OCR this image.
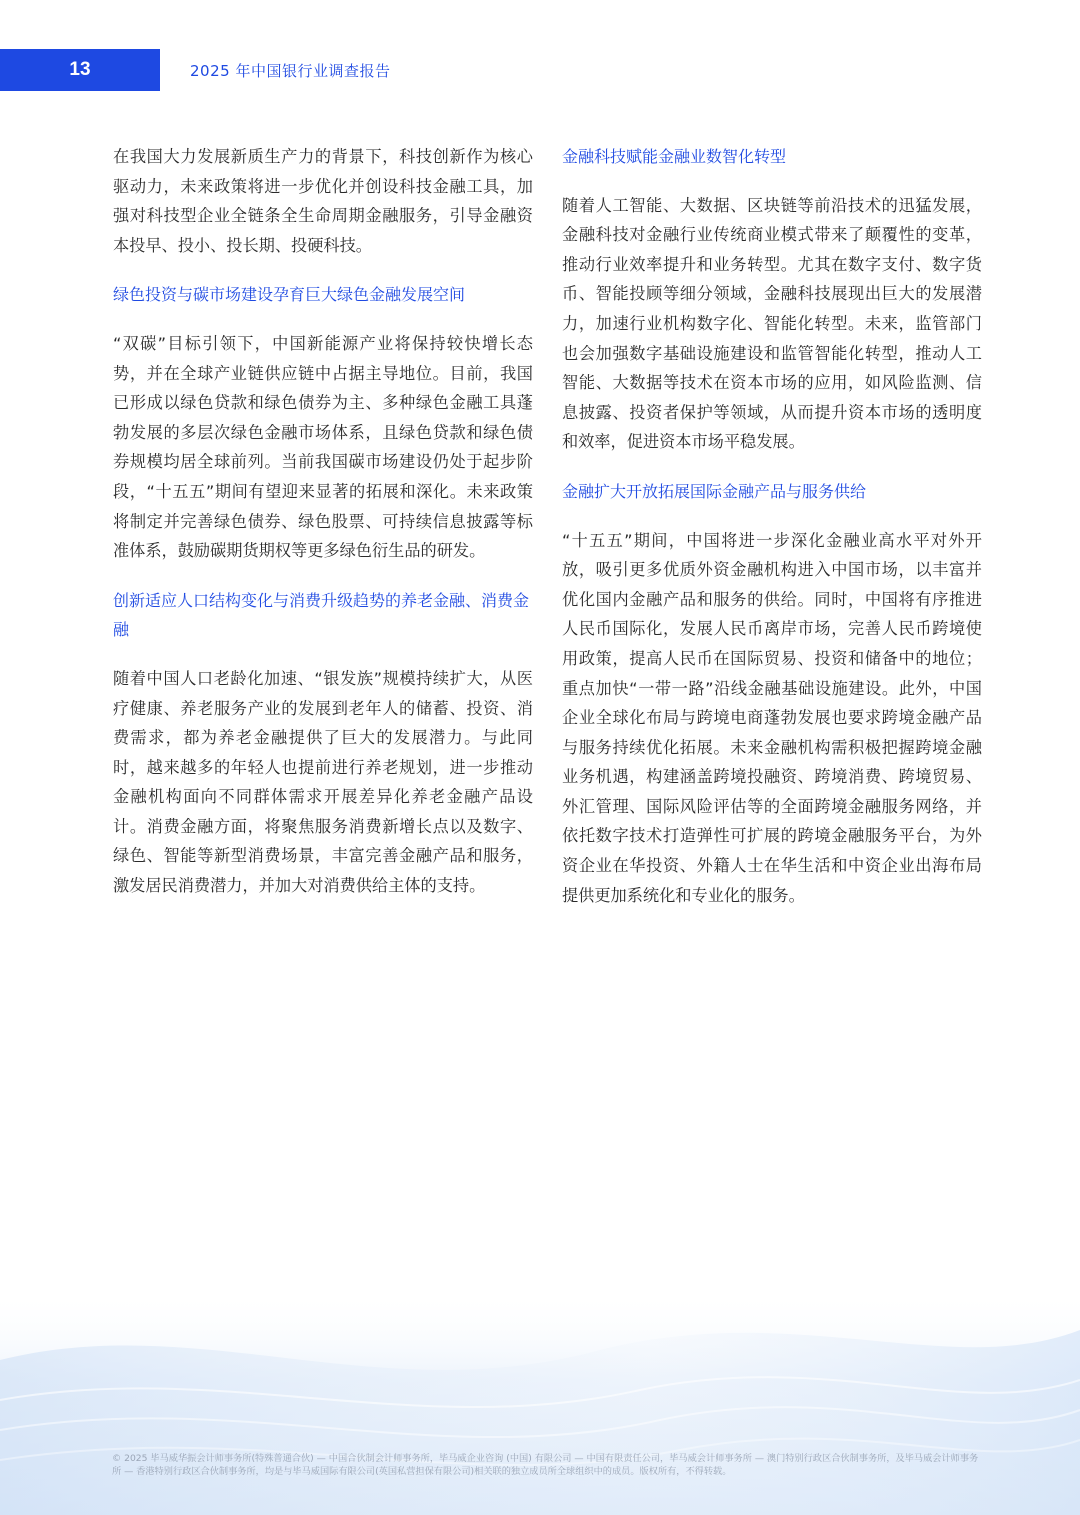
13	2025 年中国银行业调查报告

在我国大力发展新质生产力的背景下，科技创新作为核心驱动力，未来政策将进一步优化并创设科技金融工具，加强对科技型企业全链条全生命周期金融服务，引导金融资本投早、投小、投长期、投硬科技。

绿色投资与碳市场建设孕育巨大绿色金融发展空间

“双碳”目标引领下，中国新能源产业将保持较快增长态势，并在全球产业链供应链中占据主导地位。目前，我国已形成以绿色贷款和绿色债券为主、多种绿色金融工具蓬勃发展的多层次绿色金融市场体系，且绿色贷款和绿色债券规模均居全球前列。当前我国碳市场建设仍处于起步阶段，“十五五”期间有望迎来显著的拓展和深化。未来政策将制定并完善绿色债券、绿色股票、可持续信息披露等标准体系，鼓励碳期货期权等更多绿色衍生品的研发。

创新适应人口结构变化与消费升级趋势的养老金融、消费金融

随着中国人口老龄化加速、“银发族”规模持续扩大，从医疗健康、养老服务产业的发展到老年人的储蓄、投资、消费需求，都为养老金融提供了巨大的发展潜力。与此同时，越来越多的年轻人也提前进行养老规划，进一步推动金融机构面向不同群体需求开展差异化养老金融产品设计。消费金融方面，将聚焦服务消费新增长点以及数字、绿色、智能等新型消费场景，丰富完善金融产品和服务，激发居民消费潜力，并加大对消费供给主体的支持。

金融科技赋能金融业数智化转型

随着人工智能、大数据、区块链等前沿技术的迅猛发展，金融科技对金融行业传统商业模式带来了颠覆性的变革，推动行业效率提升和业务转型。尤其在数字支付、数字货币、智能投顾等细分领域，金融科技展现出巨大的发展潜力，加速行业机构数字化、智能化转型。未来，监管部门也会加强数字基础设施建设和监管智能化转型，推动人工智能、大数据等技术在资本市场的应用，如风险监测、信息披露、投资者保护等领域，从而提升资本市场的透明度和效率，促进资本市场平稳发展。

金融扩大开放拓展国际金融产品与服务供给

“十五五”期间，中国将进一步深化金融业高水平对外开放，吸引更多优质外资金融机构进入中国市场，以丰富并优化国内金融产品和服务的供给。同时，中国将有序推进人民币国际化，发展人民币离岸市场，完善人民币跨境使用政策，提高人民币在国际贸易、投资和储备中的地位；重点加快“一带一路”沿线金融基础设施建设。此外，中国企业全球化布局与跨境电商蓬勃发展也要求跨境金融产品与服务持续优化拓展。未来金融机构需积极把握跨境金融业务机遇，构建涵盖跨境投融资、跨境消费、跨境贸易、外汇管理、国际风险评估等的全面跨境金融服务网络，并依托数字技术打造弹性可扩展的跨境金融服务平台，为外资企业在华投资、外籍人士在华生活和中资企业出海布局提供更加系统化和专业化的服务。

© 2025 毕马威华振会计师事务所(特殊普通合伙) — 中国合伙制会计师事务所，毕马威企业咨询 (中国) 有限公司 — 中国有限责任公司，毕马威会计师事务所 — 澳门特别行政区合伙制事务所，及毕马威会计师事务所 — 香港特别行政区合伙制事务所，均是与毕马威国际有限公司(英国私营担保有限公司)相关联的独立成员所全球组织中的成员。版权所有，不得转载。
